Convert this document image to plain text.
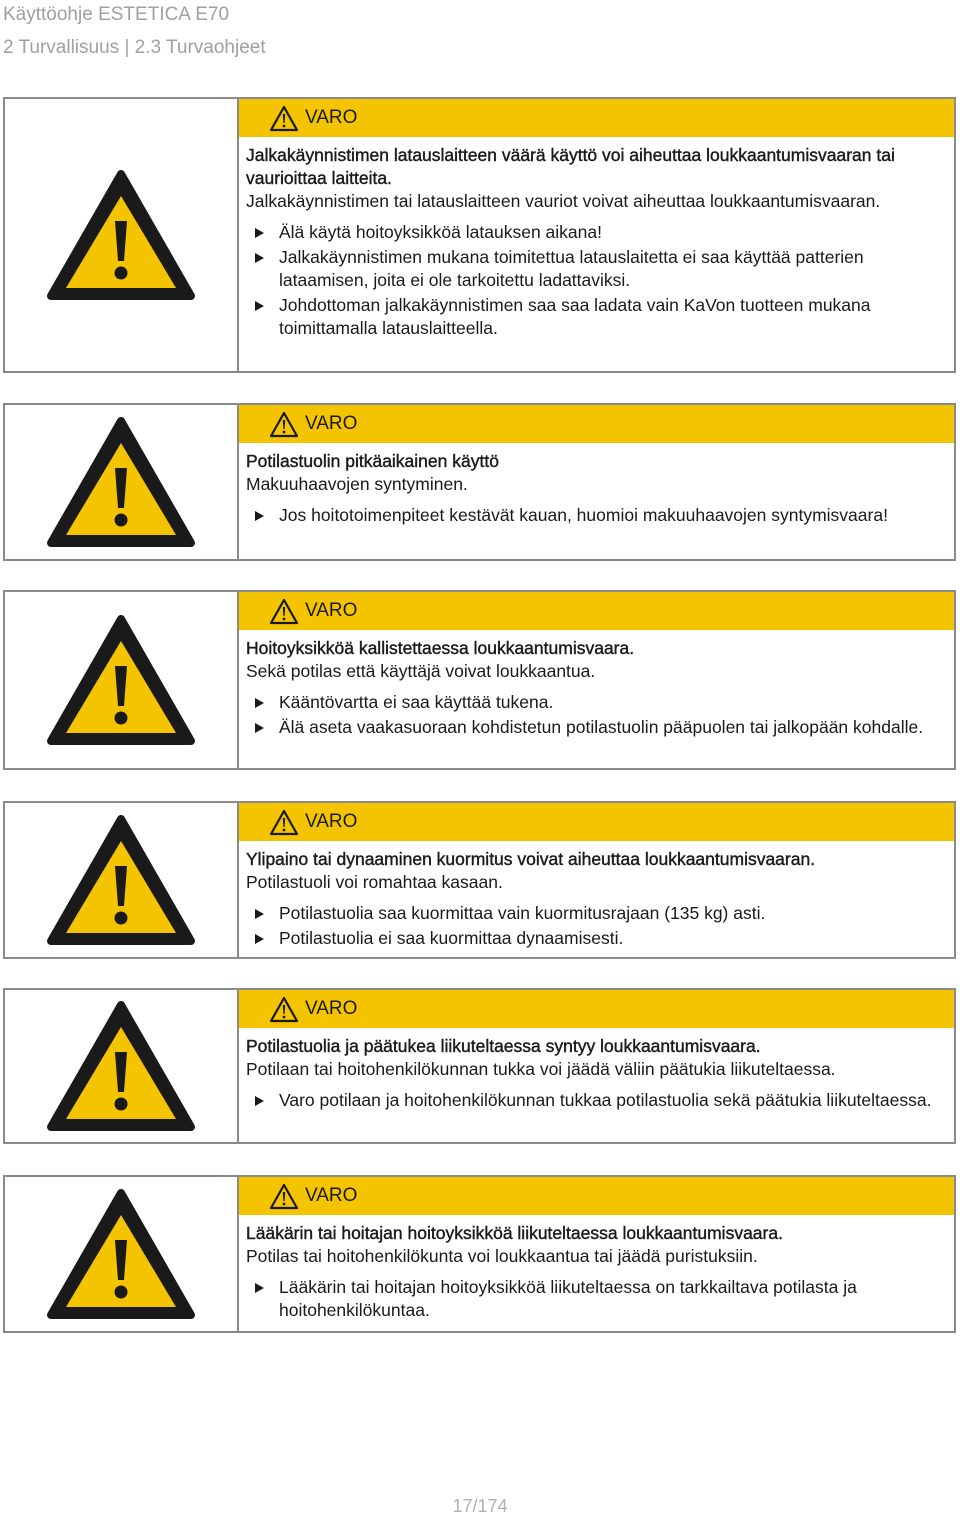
Käyttöohje ESTETICA E70
2 Turvallisuus | 2.3 Turvaohjeet
VARO
Jalkakäynnistimen latauslaitteen väärä käyttö voi aiheuttaa loukkaantumisvaaran tai vaurioittaa laitteita.
Jalkakäynnistimen tai latauslaitteen vauriot voivat aiheuttaa loukkaantumisvaaran.
Älä käytä hoitoyksikköä latauksen aikana!
Jalkakäynnistimen mukana toimitettua latauslaitetta ei saa käyttää patterien lataamisen, joita ei ole tarkoitettu ladattaviksi.
Johdottoman jalkakäynnistimen saa saa ladata vain KaVon tuotteen mukana toimittamalla latauslaitteella.
VARO
Potilastuolin pitkäaikainen käyttö
Makuuhaavojen syntyminen.
Jos hoitotoimenpiteet kestävät kauan, huomioi makuuhaavojen syntymisvaara!
VARO
Hoitoyksikköä kallistettaessa loukkaantumisvaara.
Sekä potilas että käyttäjä voivat loukkaantua.
Kääntövartta ei saa käyttää tukena.
Älä aseta vaakasuoraan kohdistetun potilastuolin pääpuolen tai jalkopään kohdalle.
VARO
Ylipaino tai dynaaminen kuormitus voivat aiheuttaa loukkaantumisvaaran.
Potilastuoli voi romahtaa kasaan.
Potilastuolia saa kuormittaa vain kuormitusrajaan (135 kg) asti.
Potilastuolia ei saa kuormittaa dynaamisesti.
VARO
Potilastuolia ja päätukea liikuteltaessa syntyy loukkaantumisvaara.
Potilaan tai hoitohenkilökunnan tukka voi jäädä väliin päätukia liikuteltaessa.
Varo potilaan ja hoitohenkilökunnan tukkaa potilastuolia sekä päätukia liikuteltaessa.
VARO
Lääkärin tai hoitajan hoitoyksikköä liikuteltaessa loukkaantumisvaara.
Potilas tai hoitohenkilökunta voi loukkaantua tai jäädä puristuksiin.
Lääkärin tai hoitajan hoitoyksikköä liikuteltaessa on tarkkailtava potilasta ja hoitohenkilökuntaa.
17/174
